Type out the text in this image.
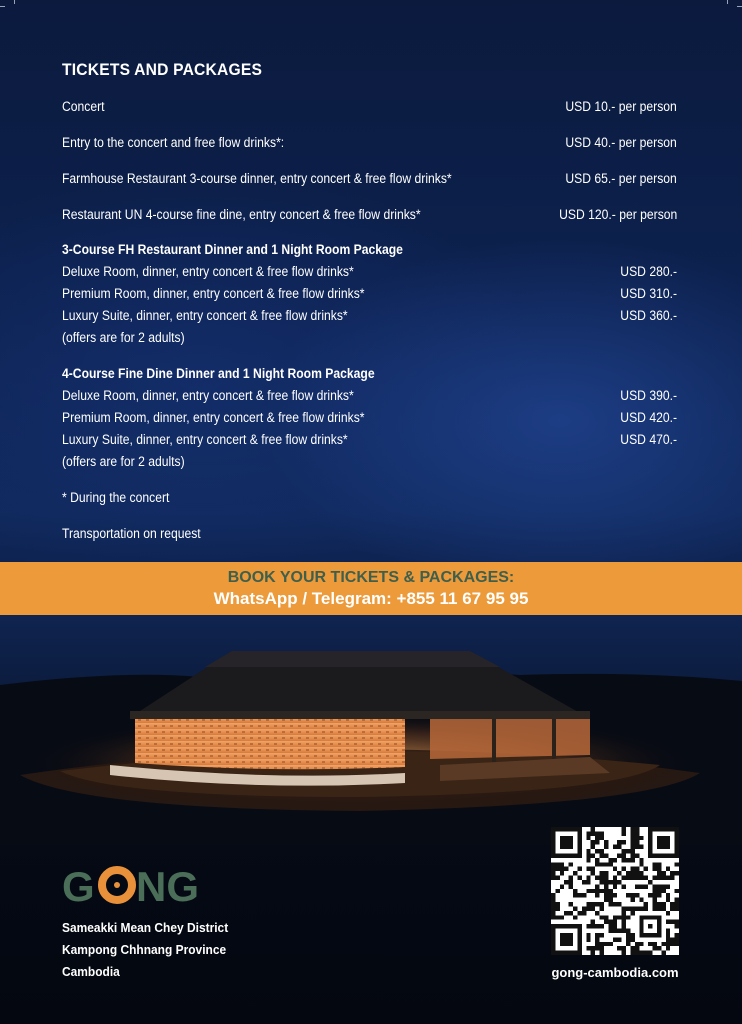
TICKETS AND PACKAGES
Concert	USD 10.- per person
Entry to the concert and free flow drinks*:	USD 40.- per person
Farmhouse Restaurant 3-course dinner, entry concert & free flow drinks*	USD 65.- per person
Restaurant UN 4-course fine dine, entry concert & free flow drinks*	USD 120.- per person
3-Course FH Restaurant Dinner and 1 Night Room Package
Deluxe Room, dinner, entry concert & free flow drinks*	USD 280.-
Premium Room, dinner, entry concert & free flow drinks*	USD 310.-
Luxury Suite, dinner, entry concert & free flow drinks*	USD 360.-
(offers are for 2 adults)
4-Course Fine Dine Dinner and 1 Night Room Package
Deluxe Room, dinner, entry concert & free flow drinks*	USD 390.-
Premium Room, dinner, entry concert & free flow drinks*	USD 420.-
Luxury Suite, dinner, entry concert & free flow drinks*	USD 470.-
(offers are for 2 adults)
* During the concert
Transportation on request
BOOK YOUR TICKETS & PACKAGES:
WhatsApp / Telegram: +855 11 67 95 95
G NG
Sameakki Mean Chey District
Kampong Chhnang Province
Cambodia	gong-cambodia.com
